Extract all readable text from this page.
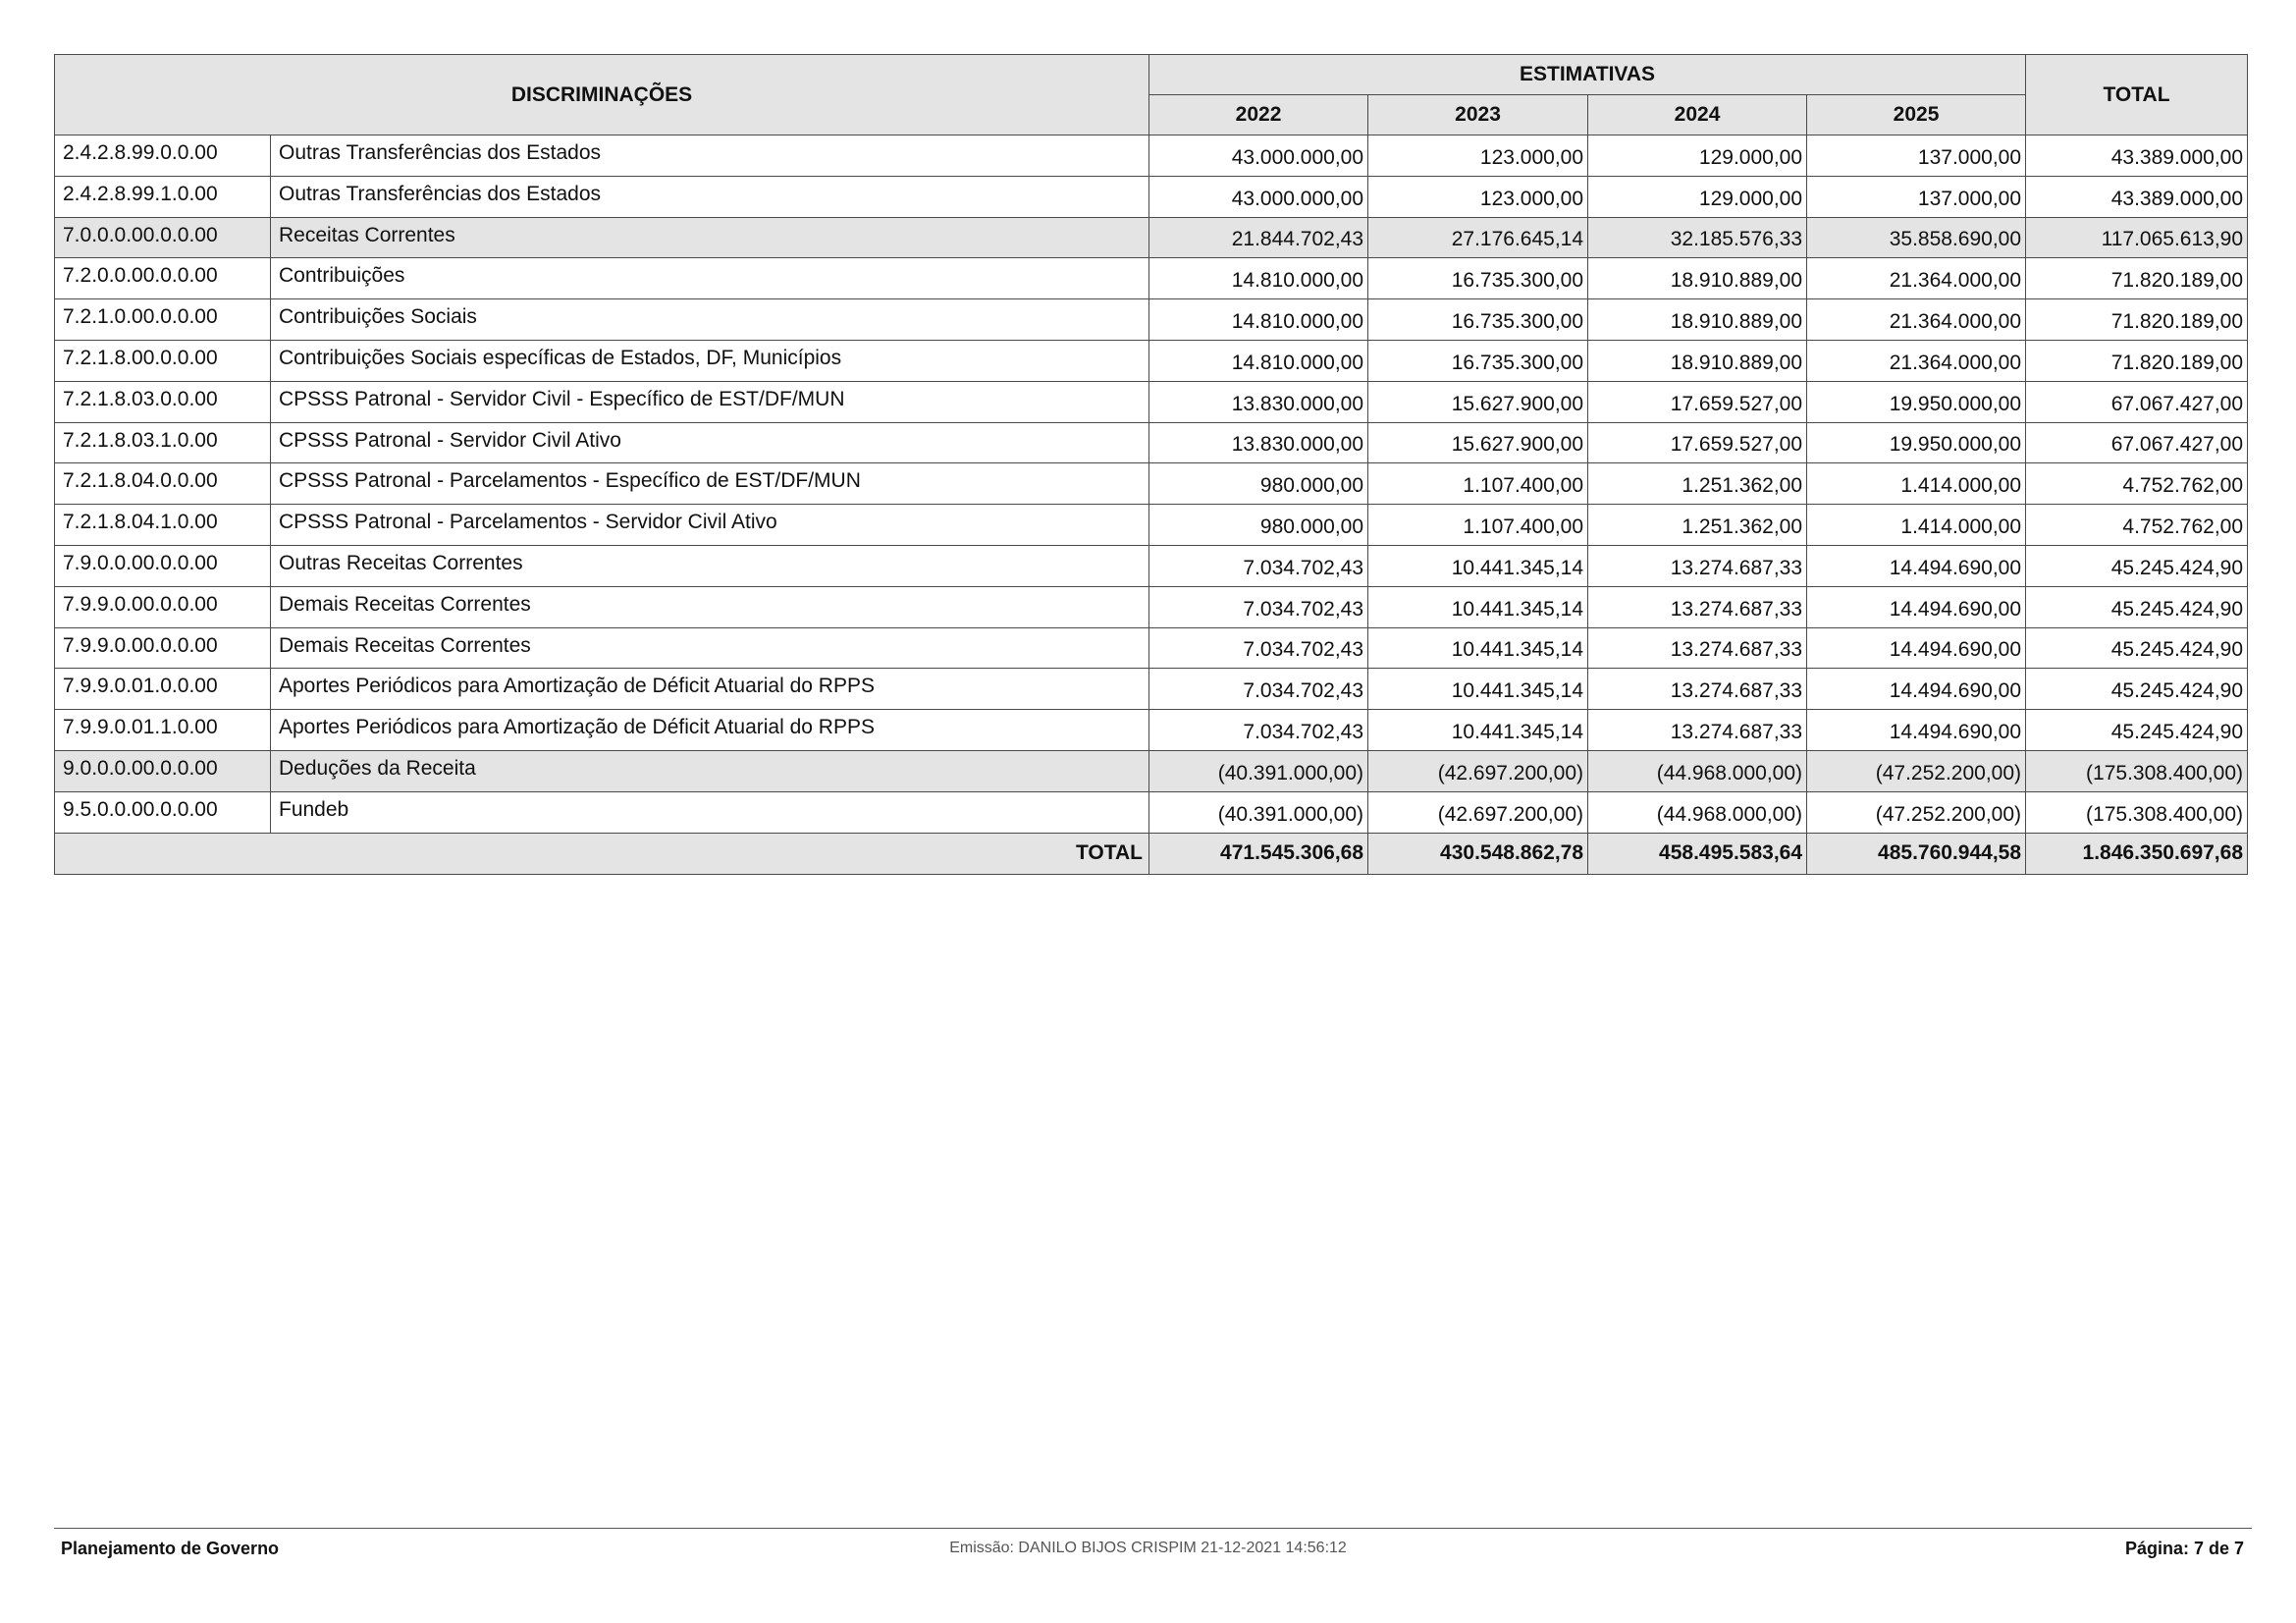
DISCRIMINAÇÕES		ESTIMATIVAS				TOTAL
		2022	2023	2024	2025	
2.4.2.8.99.0.0.00	Outras Transferências dos Estados	43.000.000,00	123.000,00	129.000,00	137.000,00	43.389.000,00
2.4.2.8.99.1.0.00	Outras Transferências dos Estados	43.000.000,00	123.000,00	129.000,00	137.000,00	43.389.000,00
7.0.0.0.00.0.0.00	Receitas Correntes	21.844.702,43	27.176.645,14	32.185.576,33	35.858.690,00	117.065.613,90
7.2.0.0.00.0.0.00	Contribuições	14.810.000,00	16.735.300,00	18.910.889,00	21.364.000,00	71.820.189,00
7.2.1.0.00.0.0.00	Contribuições Sociais	14.810.000,00	16.735.300,00	18.910.889,00	21.364.000,00	71.820.189,00
7.2.1.8.00.0.0.00	Contribuições Sociais específicas de Estados, DF, Municípios	14.810.000,00	16.735.300,00	18.910.889,00	21.364.000,00	71.820.189,00
7.2.1.8.03.0.0.00	CPSSS Patronal - Servidor Civil - Específico de EST/DF/MUN	13.830.000,00	15.627.900,00	17.659.527,00	19.950.000,00	67.067.427,00
7.2.1.8.03.1.0.00	CPSSS Patronal - Servidor Civil Ativo	13.830.000,00	15.627.900,00	17.659.527,00	19.950.000,00	67.067.427,00
7.2.1.8.04.0.0.00	CPSSS Patronal - Parcelamentos - Específico de EST/DF/MUN	980.000,00	1.107.400,00	1.251.362,00	1.414.000,00	4.752.762,00
7.2.1.8.04.1.0.00	CPSSS Patronal - Parcelamentos - Servidor Civil Ativo	980.000,00	1.107.400,00	1.251.362,00	1.414.000,00	4.752.762,00
7.9.0.0.00.0.0.00	Outras Receitas Correntes	7.034.702,43	10.441.345,14	13.274.687,33	14.494.690,00	45.245.424,90
7.9.9.0.00.0.0.00	Demais Receitas Correntes	7.034.702,43	10.441.345,14	13.274.687,33	14.494.690,00	45.245.424,90
7.9.9.0.00.0.0.00	Demais Receitas Correntes	7.034.702,43	10.441.345,14	13.274.687,33	14.494.690,00	45.245.424,90
7.9.9.0.01.0.0.00	Aportes Periódicos para Amortização de Déficit Atuarial do RPPS	7.034.702,43	10.441.345,14	13.274.687,33	14.494.690,00	45.245.424,90
7.9.9.0.01.1.0.00	Aportes Periódicos para Amortização de Déficit Atuarial do RPPS	7.034.702,43	10.441.345,14	13.274.687,33	14.494.690,00	45.245.424,90
9.0.0.0.00.0.0.00	Deduções da Receita	(40.391.000,00)	(42.697.200,00)	(44.968.000,00)	(47.252.200,00)	(175.308.400,00)
9.5.0.0.00.0.0.00	Fundeb	(40.391.000,00)	(42.697.200,00)	(44.968.000,00)	(47.252.200,00)	(175.308.400,00)
TOTAL		471.545.306,68	430.548.862,78	458.495.583,64	485.760.944,58	1.846.350.697,68
Planejamento de Governo	Emissão: DANILO BIJOS CRISPIM 21-12-2021 14:56:12	Página: 7 de 7
